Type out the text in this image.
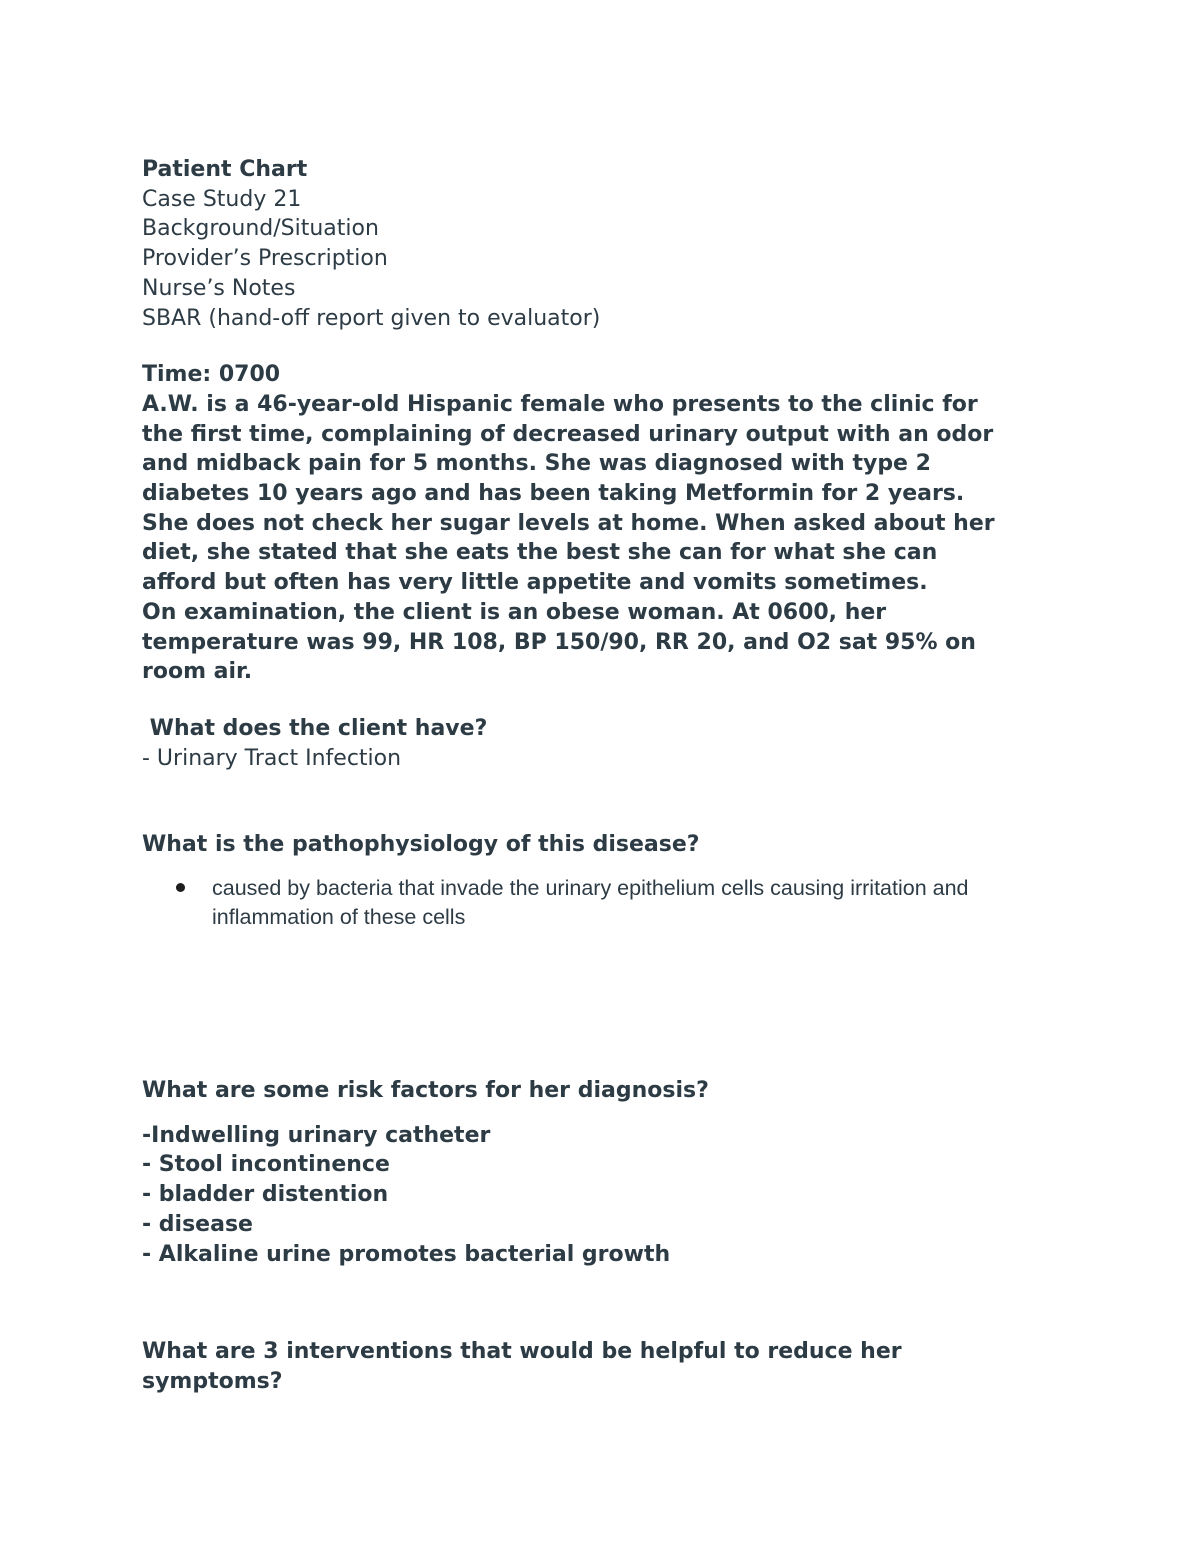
Patient Chart
Case Study 21
Background/Situation
Provider’s Prescription
Nurse’s Notes
SBAR (hand-off report given to evaluator)
Time: 0700
A.W. is a 46-year-old Hispanic female who presents to the clinic for
the first time, complaining of decreased urinary output with an odor
and midback pain for 5 months. She was diagnosed with type 2
diabetes 10 years ago and has been taking Metformin for 2 years.
She does not check her sugar levels at home. When asked about her
diet, she stated that she eats the best she can for what she can
afford but often has very little appetite and vomits sometimes.
On examination, the client is an obese woman. At 0600, her
temperature was 99, HR 108, BP 150/90, RR 20, and O2 sat 95% on
room air.
What does the client have?
- Urinary Tract Infection
What is the pathophysiology of this disease?
caused by bacteria that invade the urinary epithelium cells causing irritation and inflammation of these cells
What are some risk factors for her diagnosis?
-Indwelling urinary catheter
- Stool incontinence
- bladder distention
- disease
- Alkaline urine promotes bacterial growth
What are 3 interventions that would be helpful to reduce her
symptoms?
